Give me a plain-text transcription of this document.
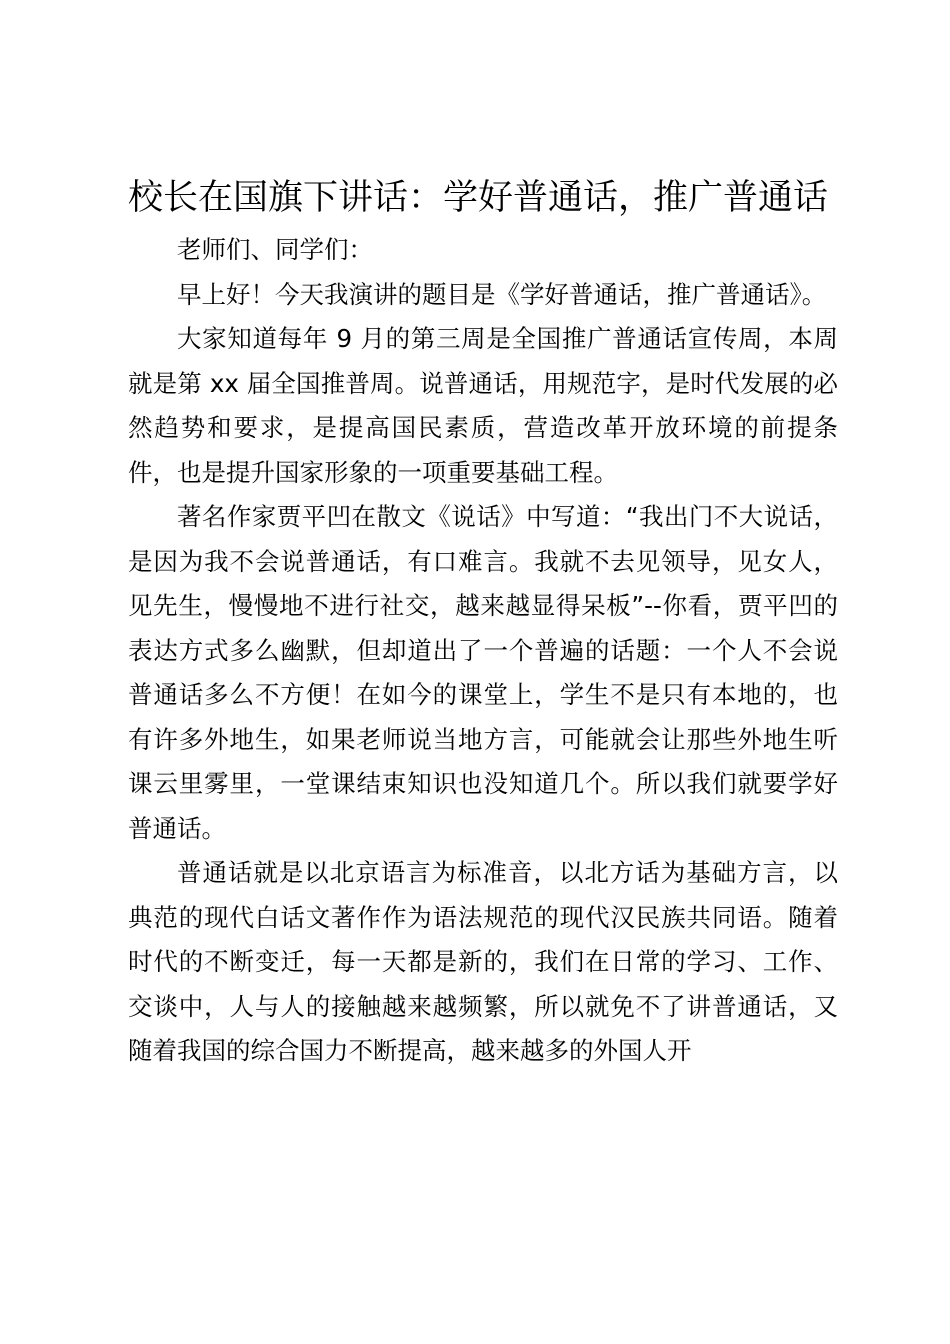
校长在国旗下讲话：学好普通话，推广普通话

老师们、同学们：

早上好！今天我演讲的题目是《学好普通话，推广普通话》。

大家知道每年 9 月的第三周是全国推广普通话宣传周，本周就是第 xx 届全国推普周。说普通话，用规范字，是时代发展的必然趋势和要求，是提高国民素质，营造改革开放环境的前提条件，也是提升国家形象的一项重要基础工程。

著名作家贾平凹在散文《说话》中写道：“我出门不大说话，是因为我不会说普通话，有口难言。我就不去见领导，见女人，见先生，慢慢地不进行社交，越来越显得呆板”--你看，贾平凹的表达方式多么幽默，但却道出了一个普遍的话题：一个人不会说普通话多么不方便！在如今的课堂上，学生不是只有本地的，也有许多外地生，如果老师说当地方言，可能就会让那些外地生听课云里雾里，一堂课结束知识也没知道几个。所以我们就要学好普通话。

普通话就是以北京语言为标准音，以北方话为基础方言，以典范的现代白话文著作作为语法规范的现代汉民族共同语。随着时代的不断变迁，每一天都是新的，我们在日常的学习、工作、交谈中，人与人的接触越来越频繁，所以就免不了讲普通话，又随着我国的综合国力不断提高，越来越多的外国人开
